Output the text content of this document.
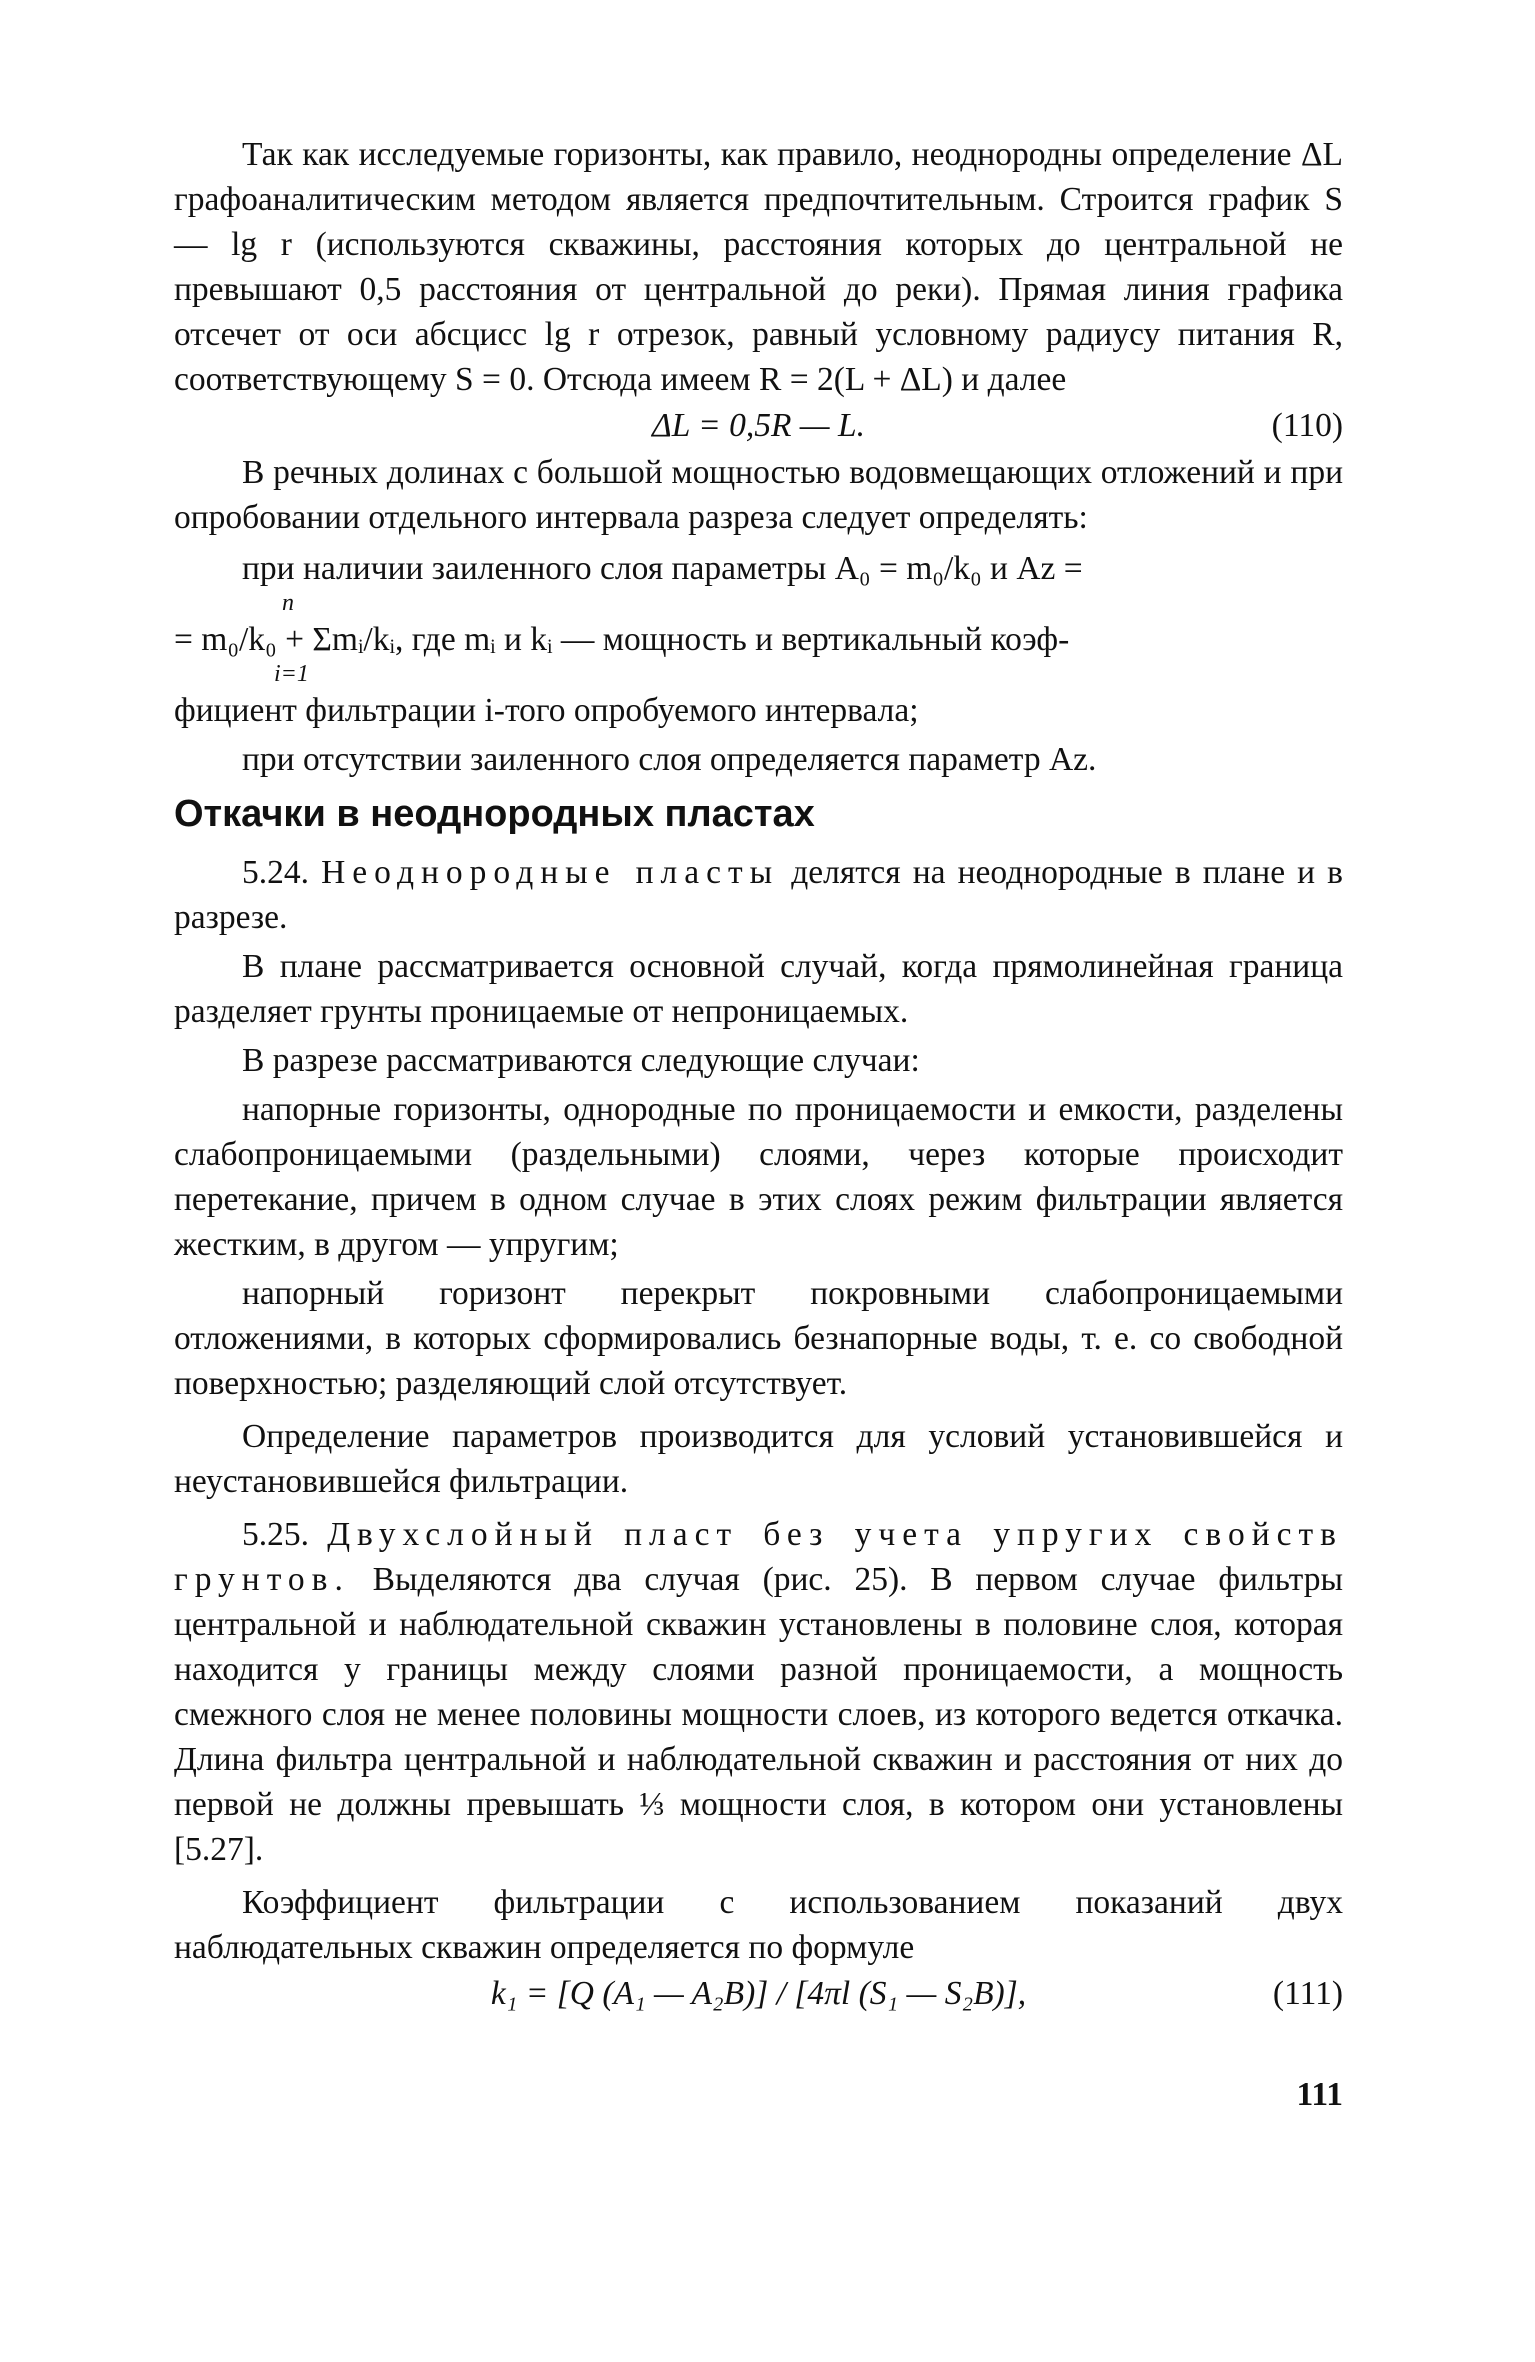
Так как исследуемые горизонты, как правило, неоднородны определение ΔL графоаналитическим методом является предпочтительным. Строится график S — lg r (используются скважины, расстояния которых до центральной не превышают 0,5 расстояния от центральной до реки). Прямая линия графика отсечет от оси абсцисс lg r отрезок, равный условному радиусу питания R, соответствующему S = 0. Отсюда имеем R = 2(L + ΔL) и далее

ΔL = 0,5R — L.	(110)

В речных долинах с большой мощностью водовмещающих отложений и при опробовании отдельного интервала разреза следует определять:

при наличии заиленного слоя параметры A₀ = m₀/k₀ и Az =

n

= m₀/k₀ + Σmᵢ/kᵢ, где mᵢ и kᵢ — мощность и вертикальный коэф-

i=1

фициент фильтрации i-того опробуемого интервала;

при отсутствии заиленного слоя определяется параметр Az.

Откачки в неоднородных пластах

5.24. Неоднородные пласты делятся на неоднородные в плане и в разрезе.

В плане рассматривается основной случай, когда прямолинейная граница разделяет грунты проницаемые от непроницаемых.

В разрезе рассматриваются следующие случаи:

напорные горизонты, однородные по проницаемости и емкости, разделены слабопроницаемыми (раздельными) слоями, через которые происходит перетекание, причем в одном случае в этих слоях режим фильтрации является жестким, в другом — упругим;

напорный горизонт перекрыт покровными слабопроницаемыми отложениями, в которых сформировались безнапорные воды, т. е. со свободной поверхностью; разделяющий слой отсутствует.

Определение параметров производится для условий установившейся и неустановившейся фильтрации.

5.25. Двухслойный пласт без учета упругих свойств грунтов. Выделяются два случая (рис. 25). В первом случае фильтры центральной и наблюдательной скважин установлены в половине слоя, которая находится у границы между слоями разной проницаемости, а мощность смежного слоя не менее половины мощности слоев, из которого ведется откачка. Длина фильтра центральной и наблюдательной скважин и расстояния от них до первой не должны превышать ⅓ мощности слоя, в котором они установлены [5.27].

Коэффициент фильтрации с использованием показаний двух наблюдательных скважин определяется по формуле

k₁ = [Q (A₁ — A₂B)] / [4πl (S₁ — S₂B)],	(111)
111
